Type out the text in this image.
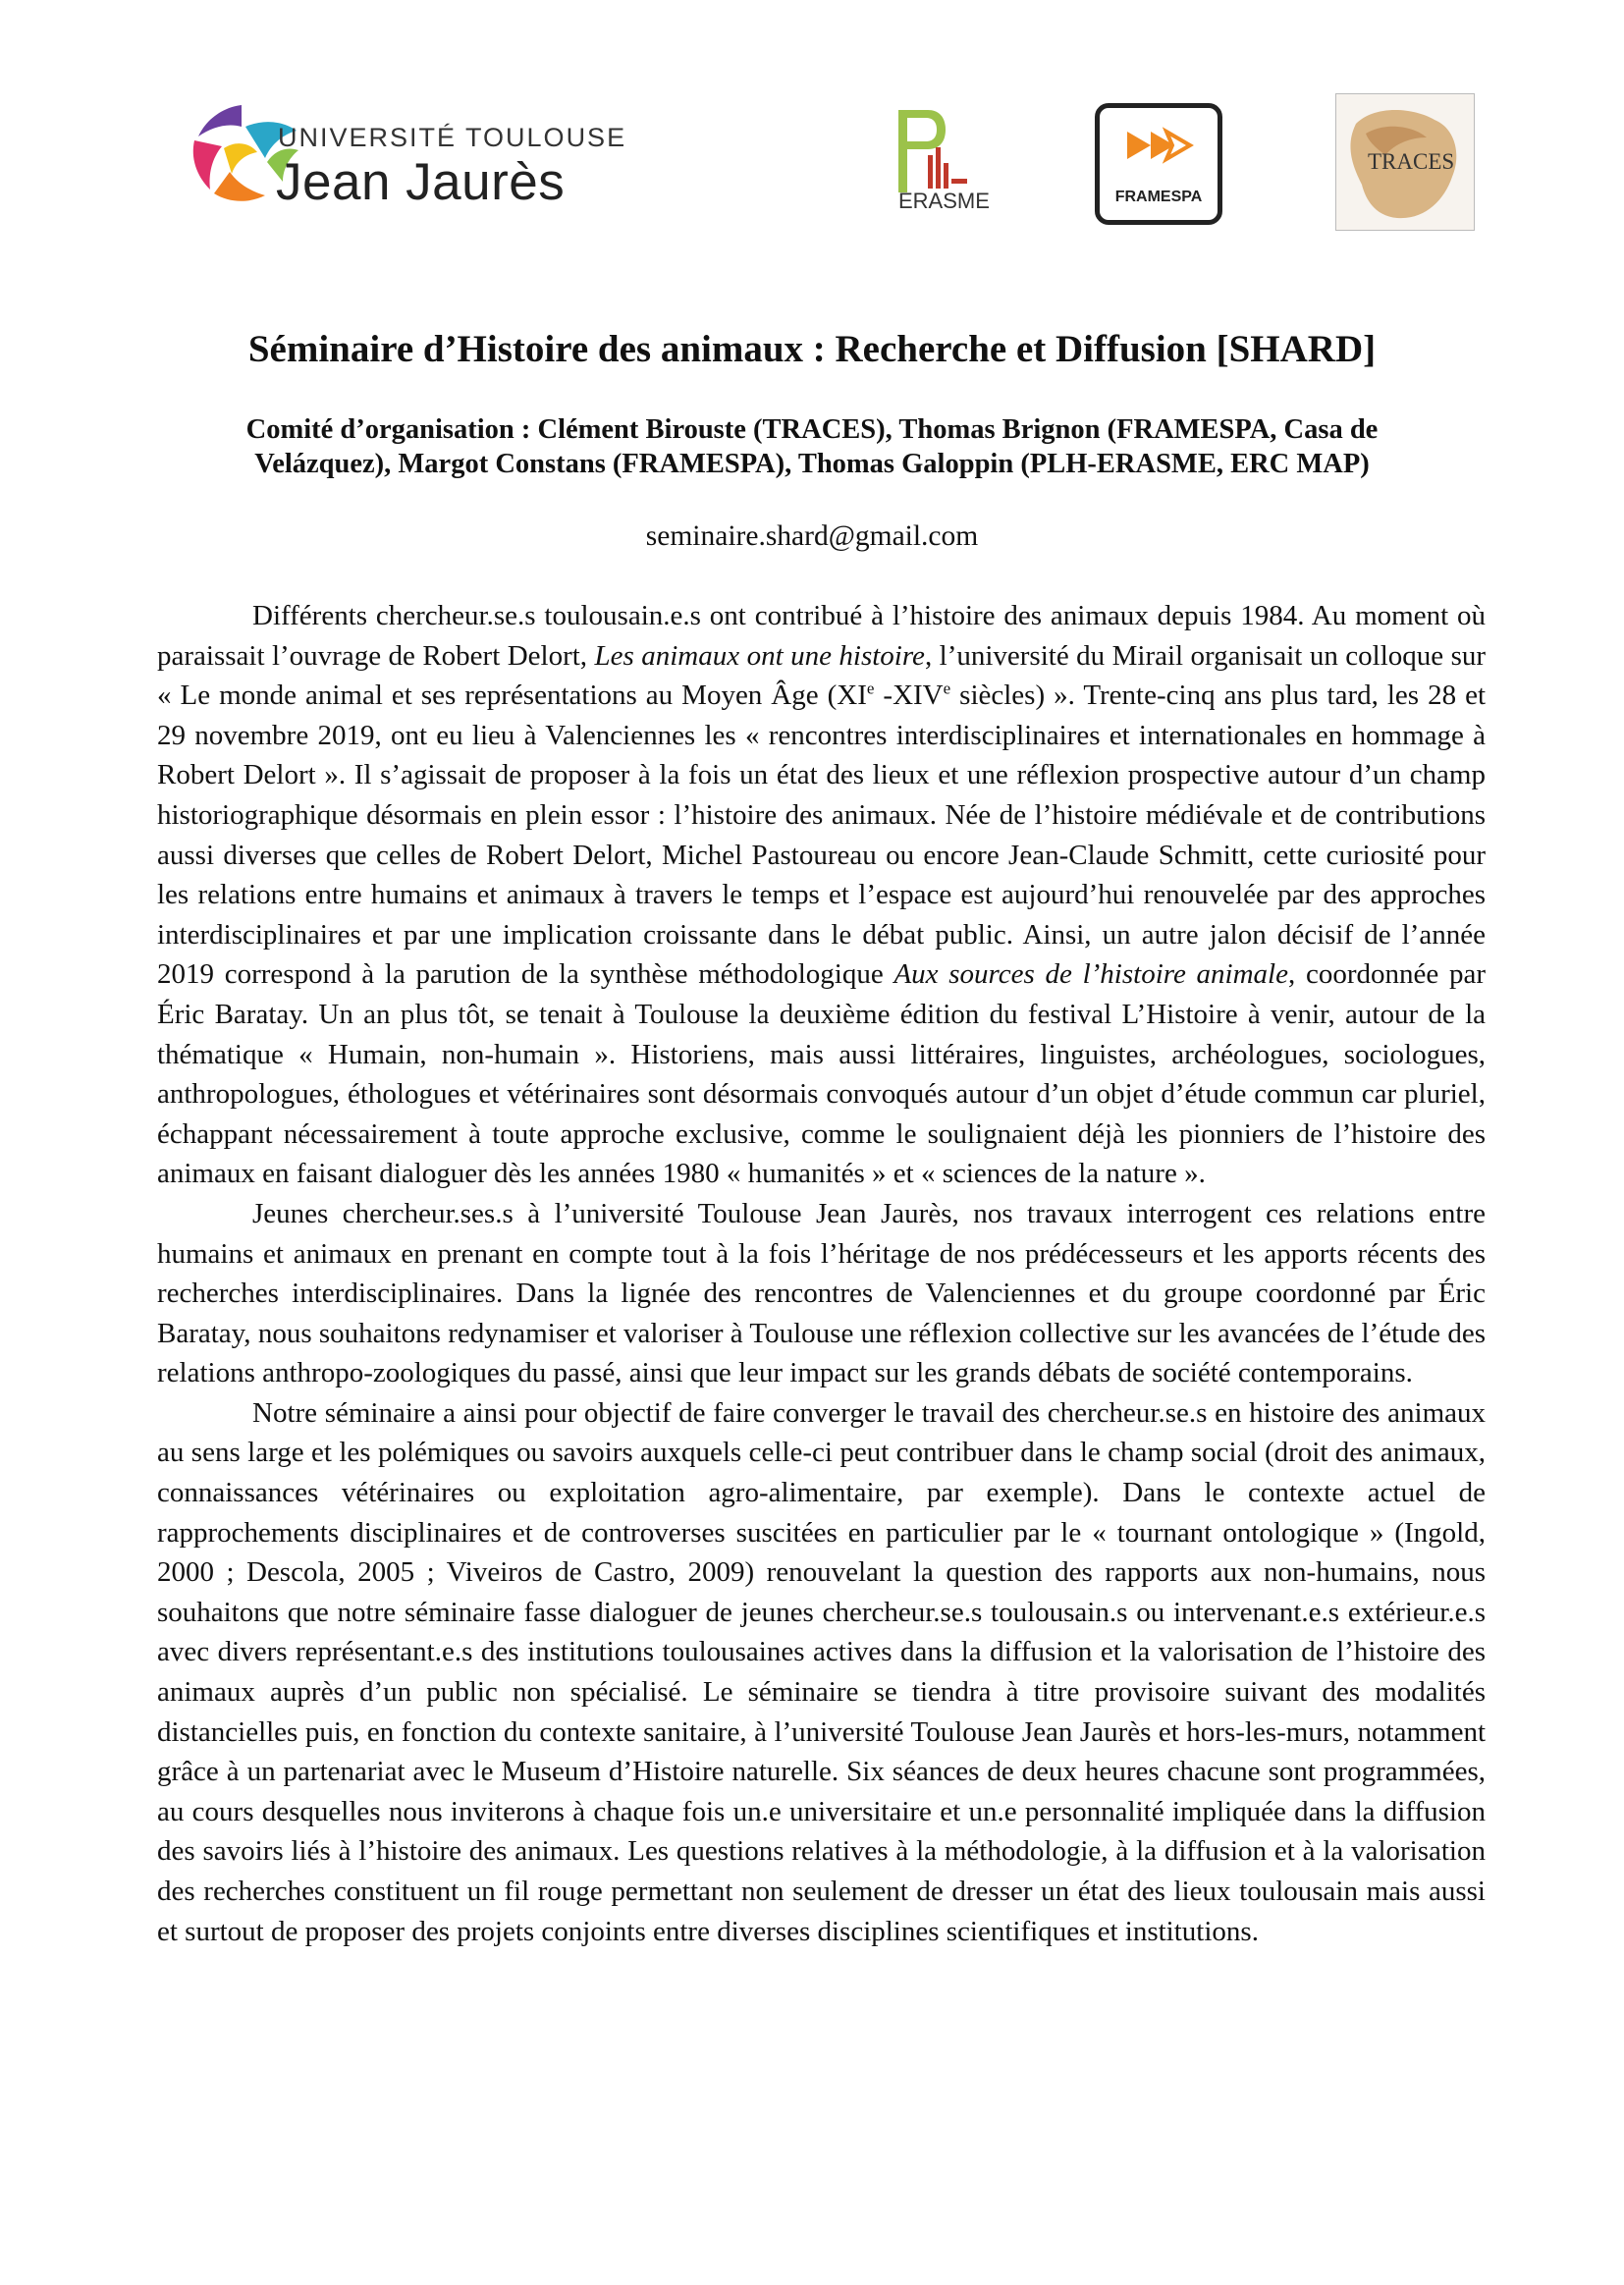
UNIVERSITÉ TOULOUSE
Jean Jaurès	ERASME	FRAMESPA
TRACES
Séminaire d’Histoire des animaux : Recherche et Diffusion [SHARD]
Comité d’organisation : Clément Birouste (TRACES), Thomas Brignon (FRAMESPA, Casa de Velázquez), Margot Constans (FRAMESPA), Thomas Galoppin (PLH-ERASME, ERC MAP)
seminaire.shard@gmail.com

Différents chercheur.se.s toulousain.e.s ont contribué à l’histoire des animaux depuis 1984. Au moment où paraissait l’ouvrage de Robert Delort, Les animaux ont une histoire, l’université du Mirail organisait un colloque sur « Le monde animal et ses représentations au Moyen Âge (XIe -XIVe siècles) ». Trente-cinq ans plus tard, les 28 et 29 novembre 2019, ont eu lieu à Valenciennes les « rencontres interdisciplinaires et internationales en hommage à Robert Delort ». Il s’agissait de proposer à la fois un état des lieux et une réflexion prospective autour d’un champ historiographique désormais en plein essor : l’histoire des animaux. Née de l’histoire médiévale et de contributions aussi diverses que celles de Robert Delort, Michel Pastoureau ou encore Jean-Claude Schmitt, cette curiosité pour les relations entre humains et animaux à travers le temps et l’espace est aujourd’hui renouvelée par des approches interdisciplinaires et par une implication croissante dans le débat public. Ainsi, un autre jalon décisif de l’année 2019 correspond à la parution de la synthèse méthodologique Aux sources de l’histoire animale, coordonnée par Éric Baratay. Un an plus tôt, se tenait à Toulouse la deuxième édition du festival L’Histoire à venir, autour de la thématique « Humain, non-humain ». Historiens, mais aussi littéraires, linguistes, archéologues, sociologues, anthropologues, éthologues et vétérinaires sont désormais convoqués autour d’un objet d’étude commun car pluriel, échappant nécessairement à toute approche exclusive, comme le soulignaient déjà les pionniers de l’histoire des animaux en faisant dialoguer dès les années 1980 « humanités » et « sciences de la nature ».

Jeunes chercheur.ses.s à l’université Toulouse Jean Jaurès, nos travaux interrogent ces relations entre humains et animaux en prenant en compte tout à la fois l’héritage de nos prédécesseurs et les apports récents des recherches interdisciplinaires. Dans la lignée des rencontres de Valenciennes et du groupe coordonné par Éric Baratay, nous souhaitons redynamiser et valoriser à Toulouse une réflexion collective sur les avancées de l’étude des relations anthropo-zoologiques du passé, ainsi que leur impact sur les grands débats de société contemporains.

Notre séminaire a ainsi pour objectif de faire converger le travail des chercheur.se.s en histoire des animaux au sens large et les polémiques ou savoirs auxquels celle-ci peut contribuer dans le champ social (droit des animaux, connaissances vétérinaires ou exploitation agro-alimentaire, par exemple). Dans le contexte actuel de rapprochements disciplinaires et de controverses suscitées en particulier par le « tournant ontologique » (Ingold, 2000 ; Descola, 2005 ; Viveiros de Castro, 2009) renouvelant la question des rapports aux non-humains, nous souhaitons que notre séminaire fasse dialoguer de jeunes chercheur.se.s toulousain.s ou intervenant.e.s extérieur.e.s avec divers représentant.e.s des institutions toulousaines actives dans la diffusion et la valorisation de l’histoire des animaux auprès d’un public non spécialisé. Le séminaire se tiendra à titre provisoire suivant des modalités distancielles puis, en fonction du contexte sanitaire, à l’université Toulouse Jean Jaurès et hors-les-murs, notamment grâce à un partenariat avec le Museum d’Histoire naturelle. Six séances de deux heures chacune sont programmées, au cours desquelles nous inviterons à chaque fois un.e universitaire et un.e personnalité impliquée dans la diffusion des savoirs liés à l’histoire des animaux. Les questions relatives à la méthodologie, à la diffusion et à la valorisation des recherches constituent un fil rouge permettant non seulement de dresser un état des lieux toulousain mais aussi et surtout de proposer des projets conjoints entre diverses disciplines scientifiques et institutions.
